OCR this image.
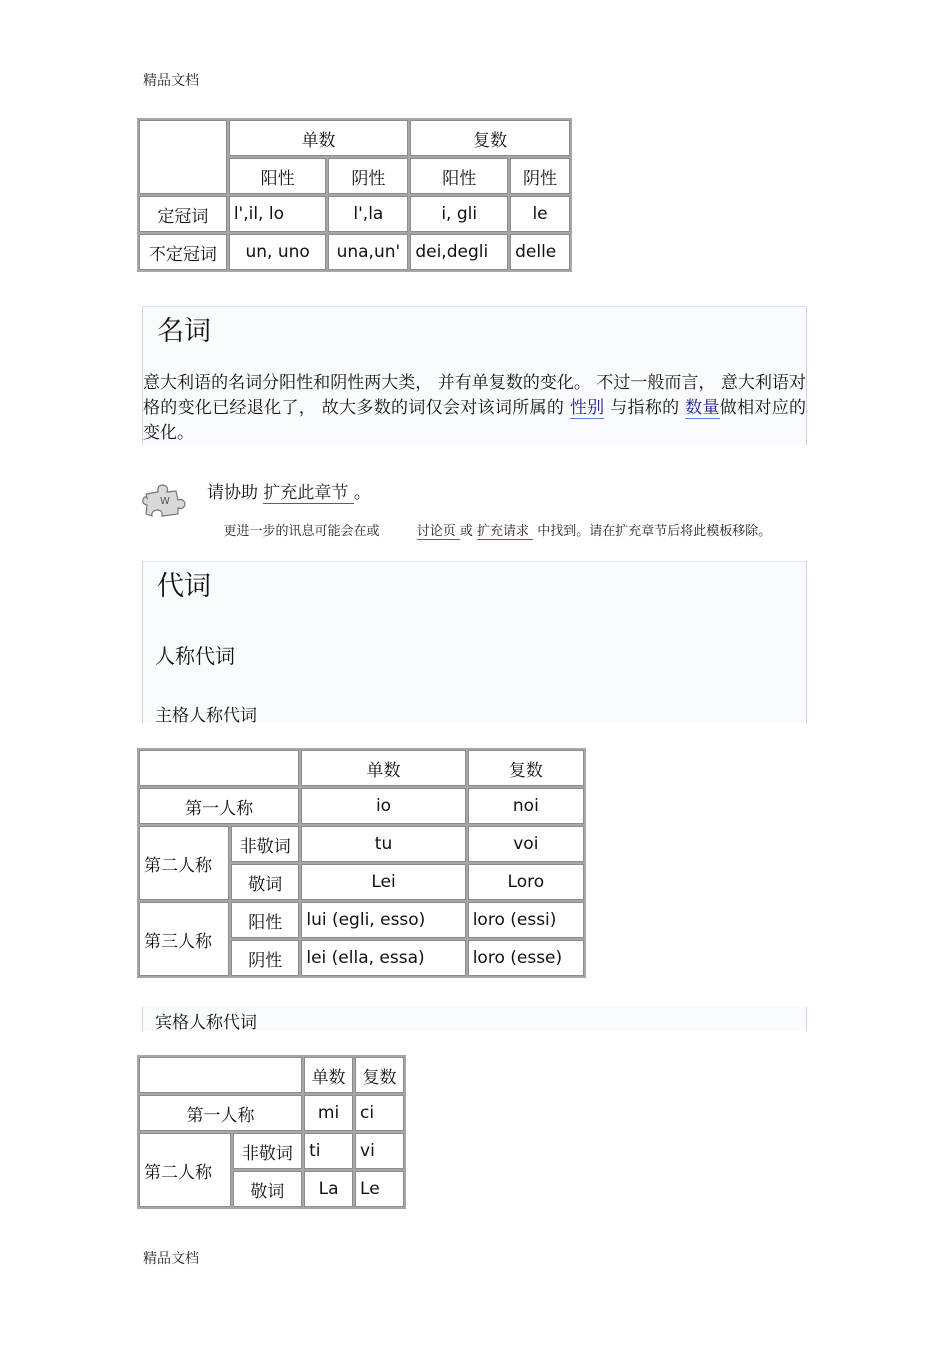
精品文档
	单数		复数	
	阳性	阴性	阳性	阴性
定冠词	l',il, lo	l',la	i, gli	le
不定冠词	un, uno	una,un'	dei,degli	delle
名词
意大利语的名词分阳性和阴性两大类， 并有单复数的变化。 不过一般而言， 意大利语对格的变化已经退化了， 故大多数的词仅会对该词所属的 性别 与指称的 数量做相对应的变化。
W 请协助 扩充此章节 。

更进一步的讯息可能会在或         讨论页 或 扩充请求  中找到。请在扩充章节后将此模板移除。

代词
人称代词
主格人称代词
		单数	复数
第一人称		io	noi
第二人称	非敬词	tu	voi
	敬词	Lei	Loro
第三人称	阳性	lui (egli, esso)	loro (essi)
	阴性	lei (ella, essa)	loro (esse)
宾格人称代词
		单数	复数
第一人称		mi	ci
第二人称	非敬词	ti	vi
	敬词	La	Le
精品文档
